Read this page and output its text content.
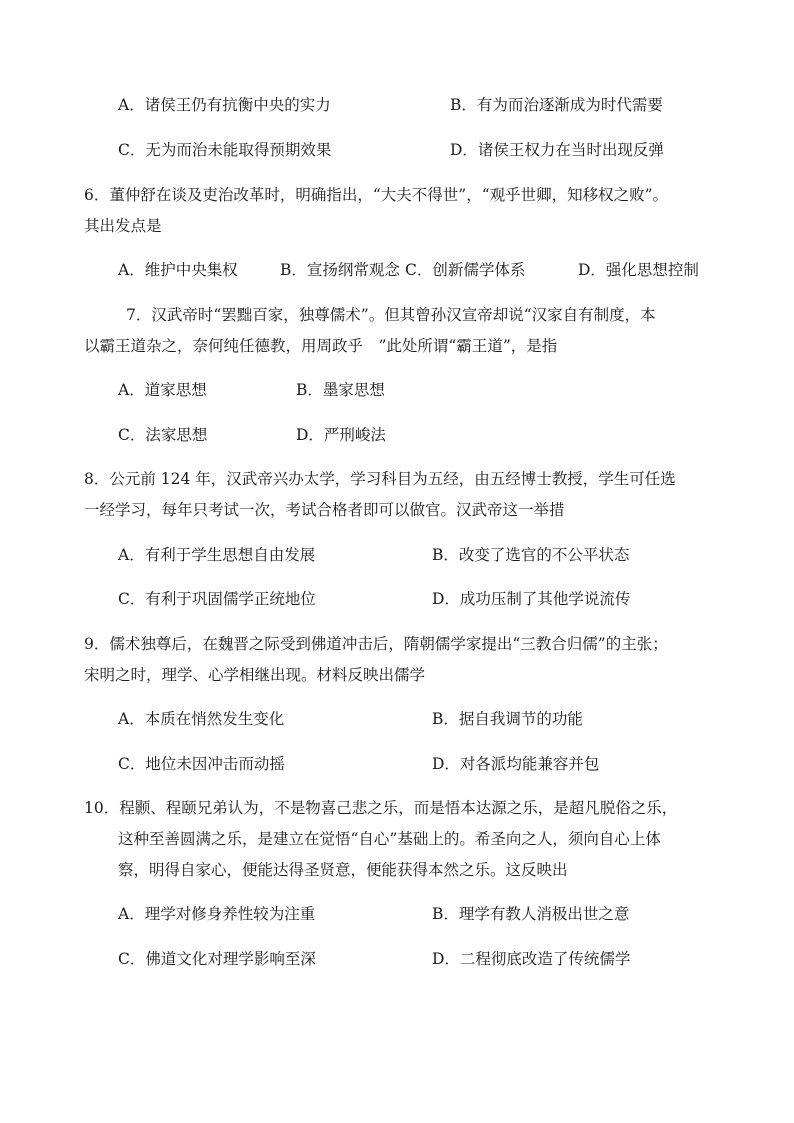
A．诸侯王仍有抗衡中央的实力	B．有为而治逐渐成为时代需要
C．无为而治未能取得预期效果	D．诸侯王权力在当时出现反弹
6．董仲舒在谈及吏治改革时，明确指出，“大夫不得世”，“观乎世卿，知移权之败”。
其出发点是
A．维护中央集权	B．宣扬纲常观念 C．创新儒学体系	D．强化思想控制
7．汉武帝时“罢黜百家，独尊儒术”。但其曾孙汉宣帝却说“汉家自有制度，本
以霸王道杂之，奈何纯任德教，用周政乎　”此处所谓“霸王道”，是指
A．道家思想	B．墨家思想
C．法家思想	D．严刑峻法
8．公元前 124 年，汉武帝兴办太学，学习科目为五经，由五经博士教授，学生可任选
一经学习，每年只考试一次，考试合格者即可以做官。汉武帝这一举措
A．有利于学生思想自由发展	B．改变了选官的不公平状态
C．有利于巩固儒学正统地位	D．成功压制了其他学说流传
9．儒术独尊后，在魏晋之际受到佛道冲击后，隋朝儒学家提出“三教合归儒”的主张；
宋明之时，理学、心学相继出现。材料反映出儒学
A．本质在悄然发生变化	B．据自我调节的功能
C．地位未因冲击而动摇	D．对各派均能兼容并包
10．程颢、程颐兄弟认为，不是物喜己悲之乐，而是悟本达源之乐，是超凡脱俗之乐，
这种至善圆满之乐，是建立在觉悟“自心”基础上的。希圣向之人，须向自心上体
察，明得自家心，便能达得圣贤意，便能获得本然之乐。这反映出
A．理学对修身养性较为注重	B．理学有教人消极出世之意
C．佛道文化对理学影响至深	D．二程彻底改造了传统儒学
